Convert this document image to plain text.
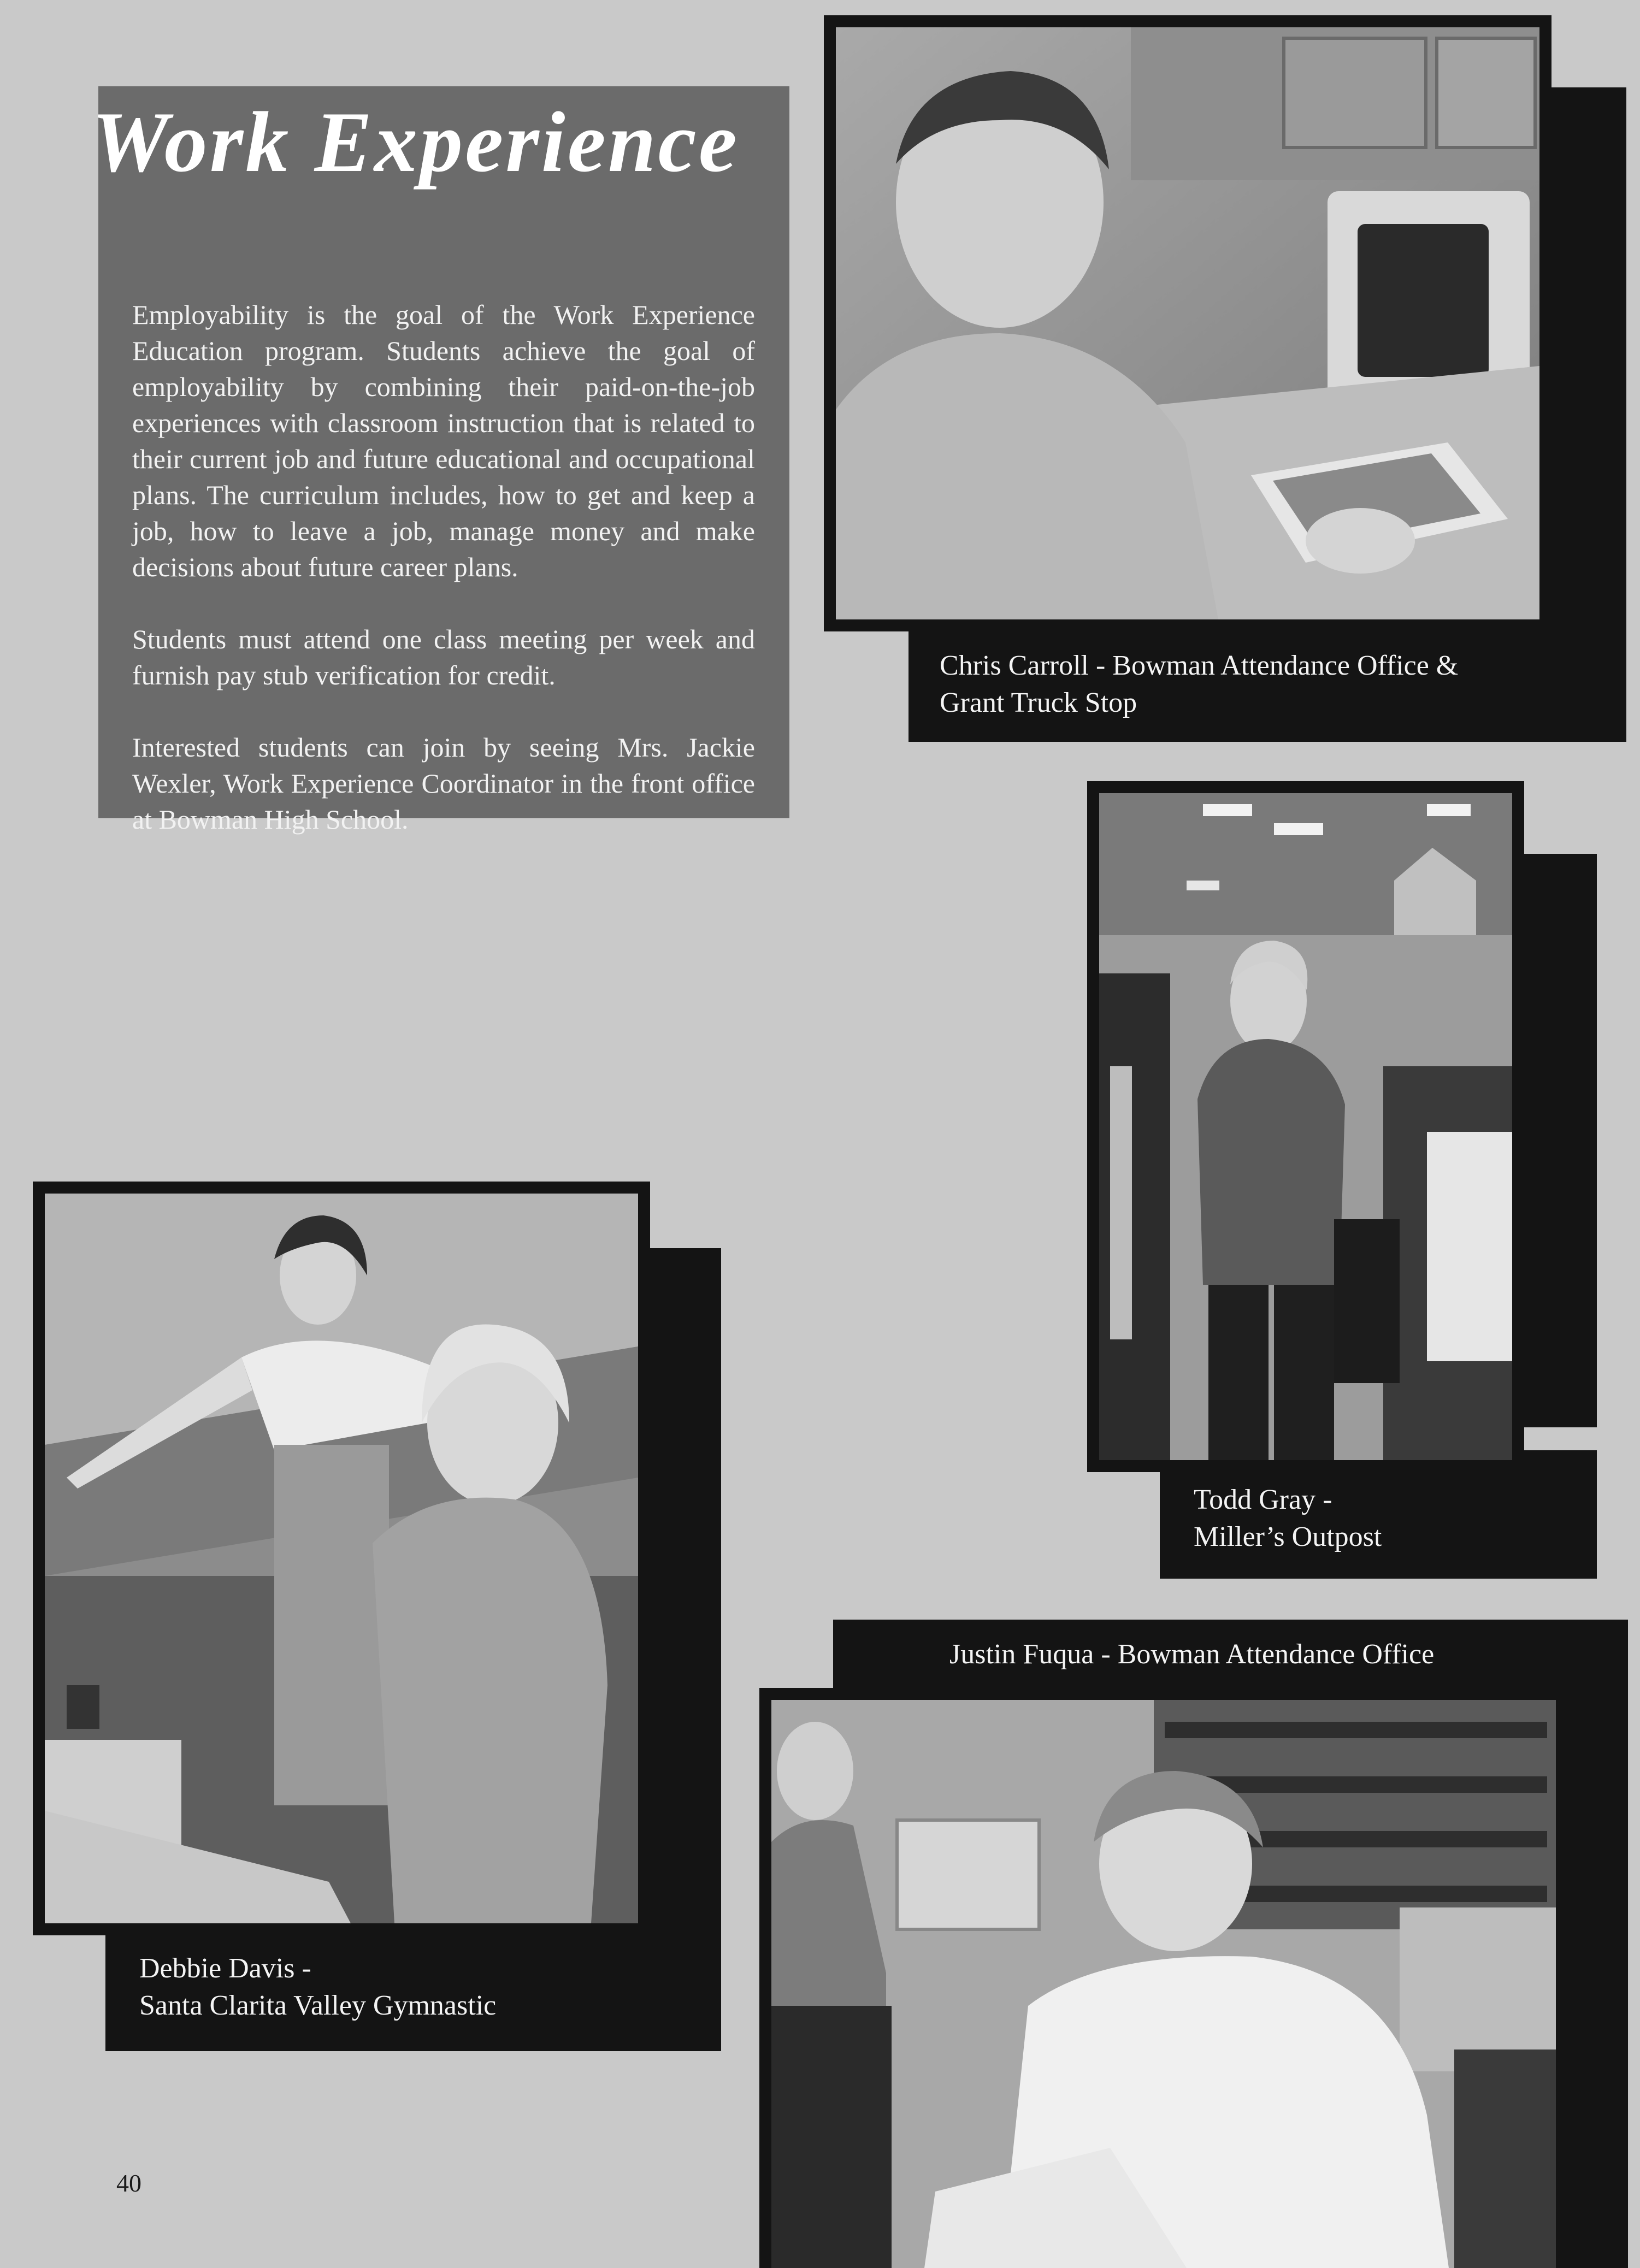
Work Experience

Employability is the goal of the Work Experience Education program. Students achieve the goal of employability by combining their paid-on-the-job experiences with classroom instruction that is related to their current job and future educational and occupational plans. The curriculum includes, how to get and keep a job, how to leave a job, manage money and make decisions about future career plans.

Students must attend one class meeting per week and furnish pay stub verification for credit.

Interested students can join by seeing Mrs. Jackie Wexler, Work Experience Coordinator in the front office at Bowman High School.

Chris Carroll - Bowman Attendance Office &
Grant Truck Stop
Todd Gray -
Miller’s Outpost
Debbie Davis -
Santa Clarita Valley Gymnastic
Justin Fuqua - Bowman Attendance Office
40
